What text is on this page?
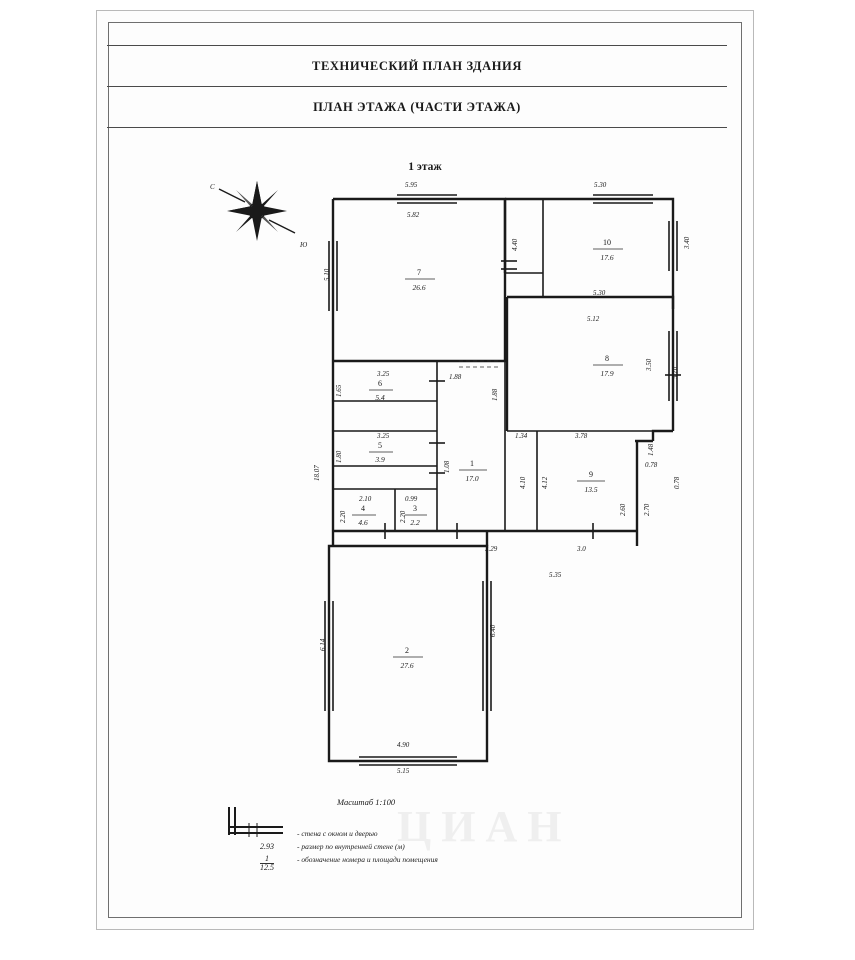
ТЕХНИЧЕСКИЙ ПЛАН ЗДАНИЯ
ПЛАН ЭТАЖА (ЧАСТИ ЭТАЖА)
1 этаж
ЦИАН
С
Ю
7
26.6
10
17.6
8
17.9
6
5.4
5
3.9
4
4.6
3
2.2
1
17.0	9
13.5
2
27.6
5.95	5.30
5.82
5.10
3.40
4.40
5.30
5.12
3.50
5.70
3.25
1.65
3.25
1.80
2.10
2.20
0.99
2.20
1.88
1.88
1.08
1.34
4.10 4.12
3.29
3.78
1.48
0.78
0.78
2.60 2.70
3.0
5.35
18.07
6.14
6.40
4.90
5.15
Масштаб 1:100
- стена с окном и дверью
2.93	- размер по внутренней стене (м)
$\frac{1}{12.5}$	- обозначение номера и площади помещения
